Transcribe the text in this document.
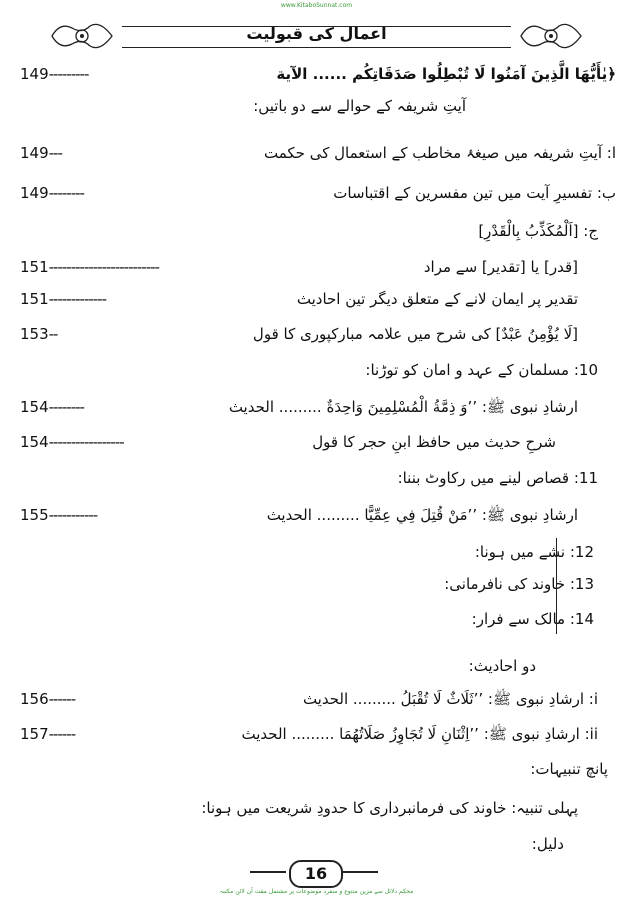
www.KitaboSunnat.com
اعمال کی قبولیت
149---------	﴿يٰأَيُّهَا الَّذِينَ آمَنُوا لَا تُبْطِلُوا صَدَقَاتِكُم ...... الآية
آیتِ شریفہ کے حوالے سے دو باتیں:
149---	ا: آیتِ شریفہ میں صیغۂ مخاطب کے استعمال کی حکمت
149--------	ب: تفسیرِ آیت میں تین مفسرین کے اقتباسات
ج: [اَلْمُكَذِّبُ بِالْقَدْرِ]
151-------------------------	[قدر] یا [تقدیر] سے مراد
151-------------	تقدیر پر ایمان لانے کے متعلق دیگر تین احادیث
153--	[لَا يُؤْمِنُ عَبْدٌ] کی شرح میں علامہ مبارکپوری کا قول
10: مسلمان کے عہد و امان کو توڑنا:
154--------	ارشادِ نبوی ﷺ: ’’وَ ذِمَّةُ الْمُسْلِمِينَ وَاحِدَةٌ ......... الحديث
154-----------------	شرحِ حدیث میں حافظ ابنِ حجر کا قول
11: قصاص لینے میں رکاوٹ بننا:
155-----------	ارشادِ نبوی ﷺ: ’’مَنْ قُتِلَ فِي عِمِّيًّا ......... الحديث
12: نشے میں ہونا:
13: خاوند کی نافرمانی:
14: مالک سے فرار:
دو احادیث:
156------	i: ارشادِ نبوی ﷺ: ’’ثَلَاثٌ لَا تُقْبَلُ ......... الحديث
157------	ii: ارشادِ نبوی ﷺ: ’’اِثْنَانِ لَا تُجَاوِزُ صَلَاتُهُمَا ......... الحديث
پانچ تنبیہات:
پہلی تنبیہ: خاوند کی فرمانبرداری کا حدودِ شریعت میں ہونا:
دلیل:
16
محکم دلائل سے مزین متنوع و منفرد موضوعات پر مشتمل مفت آن لائن مکتبہ
